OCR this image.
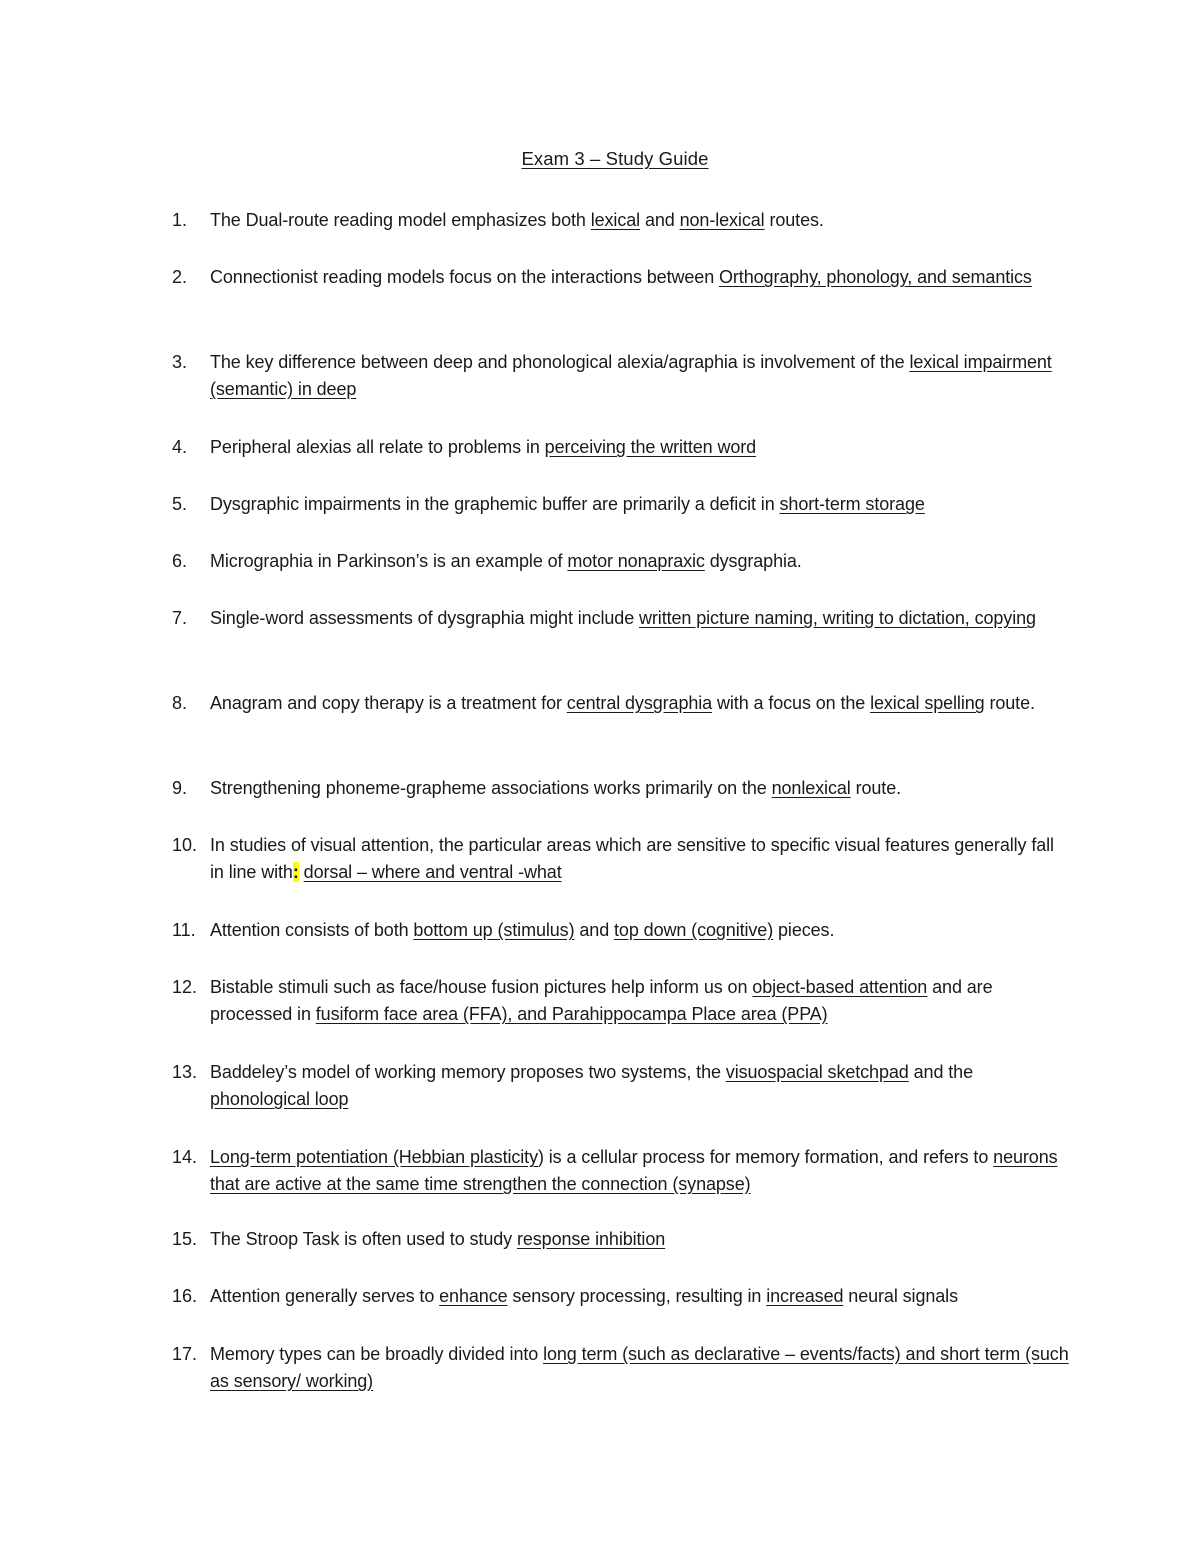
Exam 3 – Study Guide
1. The Dual-route reading model emphasizes both lexical and non-lexical routes.
2. Connectionist reading models focus on the interactions between Orthography, phonology, and semantics
3. The key difference between deep and phonological alexia/agraphia is involvement of the lexical impairment (semantic) in deep
4. Peripheral alexias all relate to problems in perceiving the written word
5. Dysgraphic impairments in the graphemic buffer are primarily a deficit in short-term storage
6. Micrographia in Parkinson’s is an example of motor nonapraxic dysgraphia.
7. Single-word assessments of dysgraphia might include written picture naming, writing to dictation, copying
8. Anagram and copy therapy is a treatment for central dysgraphia with a focus on the lexical spelling route.
9. Strengthening phoneme-grapheme associations works primarily on the nonlexical route.
10. In studies of visual attention, the particular areas which are sensitive to specific visual features generally fall in line with: dorsal – where and ventral -what
11. Attention consists of both bottom up (stimulus) and top down (cognitive) pieces.
12. Bistable stimuli such as face/house fusion pictures help inform us on object-based attention and are processed in fusiform face area (FFA), and Parahippocampa Place area (PPA)
13. Baddeley’s model of working memory proposes two systems, the visuospacial sketchpad and the phonological loop
14. Long-term potentiation (Hebbian plasticity) is a cellular process for memory formation, and refers to neurons that are active at the same time strengthen the connection (synapse)
15. The Stroop Task is often used to study response inhibition
16. Attention generally serves to enhance sensory processing, resulting in increased neural signals
17. Memory types can be broadly divided into long term (such as declarative – events/facts) and short term (such as sensory/ working)
